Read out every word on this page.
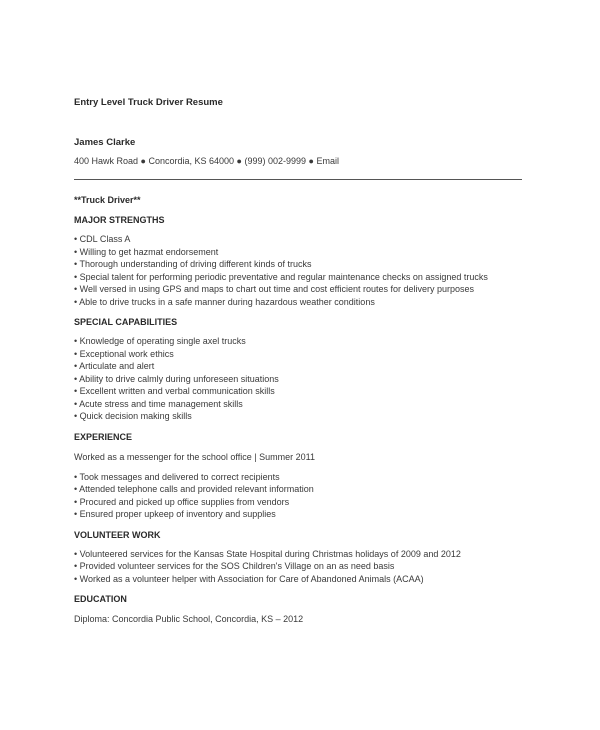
Entry Level Truck Driver Resume
James Clarke
400 Hawk Road ● Concordia, KS 64000 ● (999) 002-9999 ● Email
**Truck Driver**
MAJOR STRENGTHS
• CDL Class A
• Willing to get hazmat endorsement
• Thorough understanding of driving different kinds of trucks
• Special talent for performing periodic preventative and regular maintenance checks on assigned trucks
• Well versed in using GPS and maps to chart out time and cost efficient routes for delivery purposes
• Able to drive trucks in a safe manner during hazardous weather conditions
SPECIAL CAPABILITIES
• Knowledge of operating single axel trucks
• Exceptional work ethics
• Articulate and alert
• Ability to drive calmly during unforeseen situations
• Excellent written and verbal communication skills
• Acute stress and time management skills
• Quick decision making skills
EXPERIENCE
Worked as a messenger for the school office | Summer 2011
• Took messages and delivered to correct recipients
• Attended telephone calls and provided relevant information
• Procured and picked up office supplies from vendors
• Ensured proper upkeep of inventory and supplies
VOLUNTEER WORK
• Volunteered services for the Kansas State Hospital during Christmas holidays of 2009 and 2012
• Provided volunteer services for the SOS Children's Village on an as need basis
• Worked as a volunteer helper with Association for Care of Abandoned Animals (ACAA)
EDUCATION
Diploma: Concordia Public School, Concordia, KS – 2012
